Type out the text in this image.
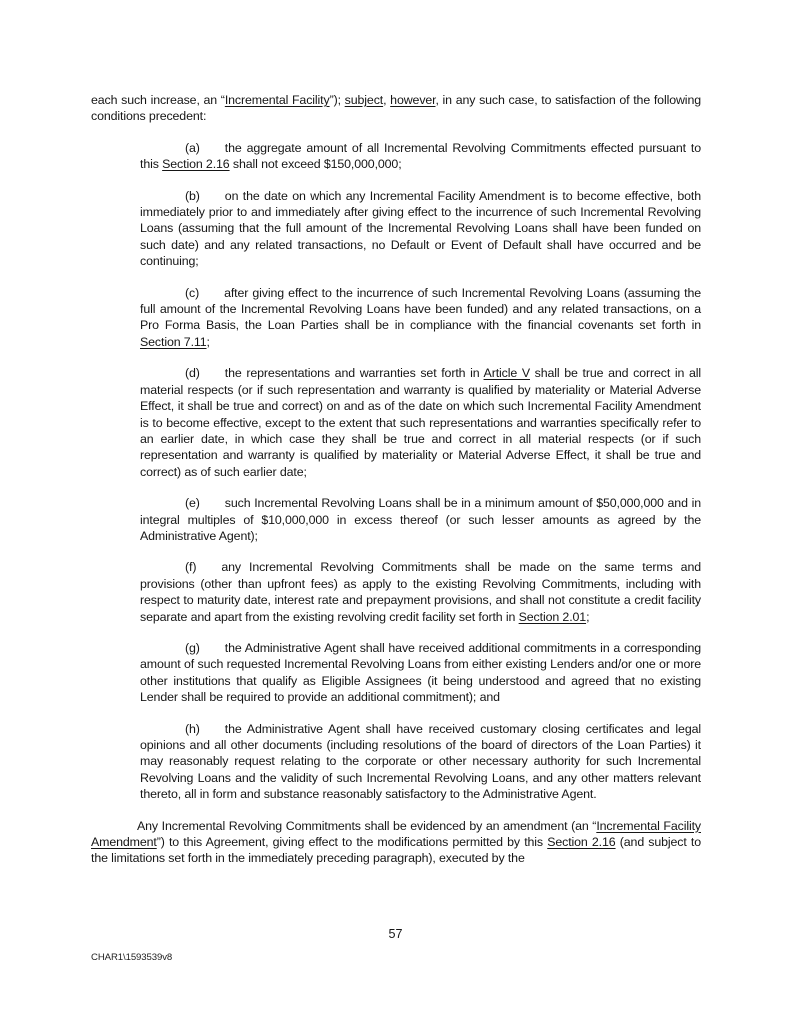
each such increase, an “Incremental Facility”); subject, however, in any such case, to satisfaction of the following conditions precedent:

(a) the aggregate amount of all Incremental Revolving Commitments effected pursuant to this Section 2.16 shall not exceed $150,000,000;

(b) on the date on which any Incremental Facility Amendment is to become effective, both immediately prior to and immediately after giving effect to the incurrence of such Incremental Revolving Loans (assuming that the full amount of the Incremental Revolving Loans shall have been funded on such date) and any related transactions, no Default or Event of Default shall have occurred and be continuing;

(c) after giving effect to the incurrence of such Incremental Revolving Loans (assuming the full amount of the Incremental Revolving Loans have been funded) and any related transactions, on a Pro Forma Basis, the Loan Parties shall be in compliance with the financial covenants set forth in Section 7.11;

(d) the representations and warranties set forth in Article V shall be true and correct in all material respects (or if such representation and warranty is qualified by materiality or Material Adverse Effect, it shall be true and correct) on and as of the date on which such Incremental Facility Amendment is to become effective, except to the extent that such representations and warranties specifically refer to an earlier date, in which case they shall be true and correct in all material respects (or if such representation and warranty is qualified by materiality or Material Adverse Effect, it shall be true and correct) as of such earlier date;

(e) such Incremental Revolving Loans shall be in a minimum amount of $50,000,000 and in integral multiples of $10,000,000 in excess thereof (or such lesser amounts as agreed by the Administrative Agent);

(f) any Incremental Revolving Commitments shall be made on the same terms and provisions (other than upfront fees) as apply to the existing Revolving Commitments, including with respect to maturity date, interest rate and prepayment provisions, and shall not constitute a credit facility separate and apart from the existing revolving credit facility set forth in Section 2.01;

(g) the Administrative Agent shall have received additional commitments in a corresponding amount of such requested Incremental Revolving Loans from either existing Lenders and/or one or more other institutions that qualify as Eligible Assignees (it being understood and agreed that no existing Lender shall be required to provide an additional commitment); and

(h) the Administrative Agent shall have received customary closing certificates and legal opinions and all other documents (including resolutions of the board of directors of the Loan Parties) it may reasonably request relating to the corporate or other necessary authority for such Incremental Revolving Loans and the validity of such Incremental Revolving Loans, and any other matters relevant thereto, all in form and substance reasonably satisfactory to the Administrative Agent.

Any Incremental Revolving Commitments shall be evidenced by an amendment (an “Incremental Facility Amendment”) to this Agreement, giving effect to the modifications permitted by this Section 2.16 (and subject to the limitations set forth in the immediately preceding paragraph), executed by the

57
CHAR1\1593539v8
